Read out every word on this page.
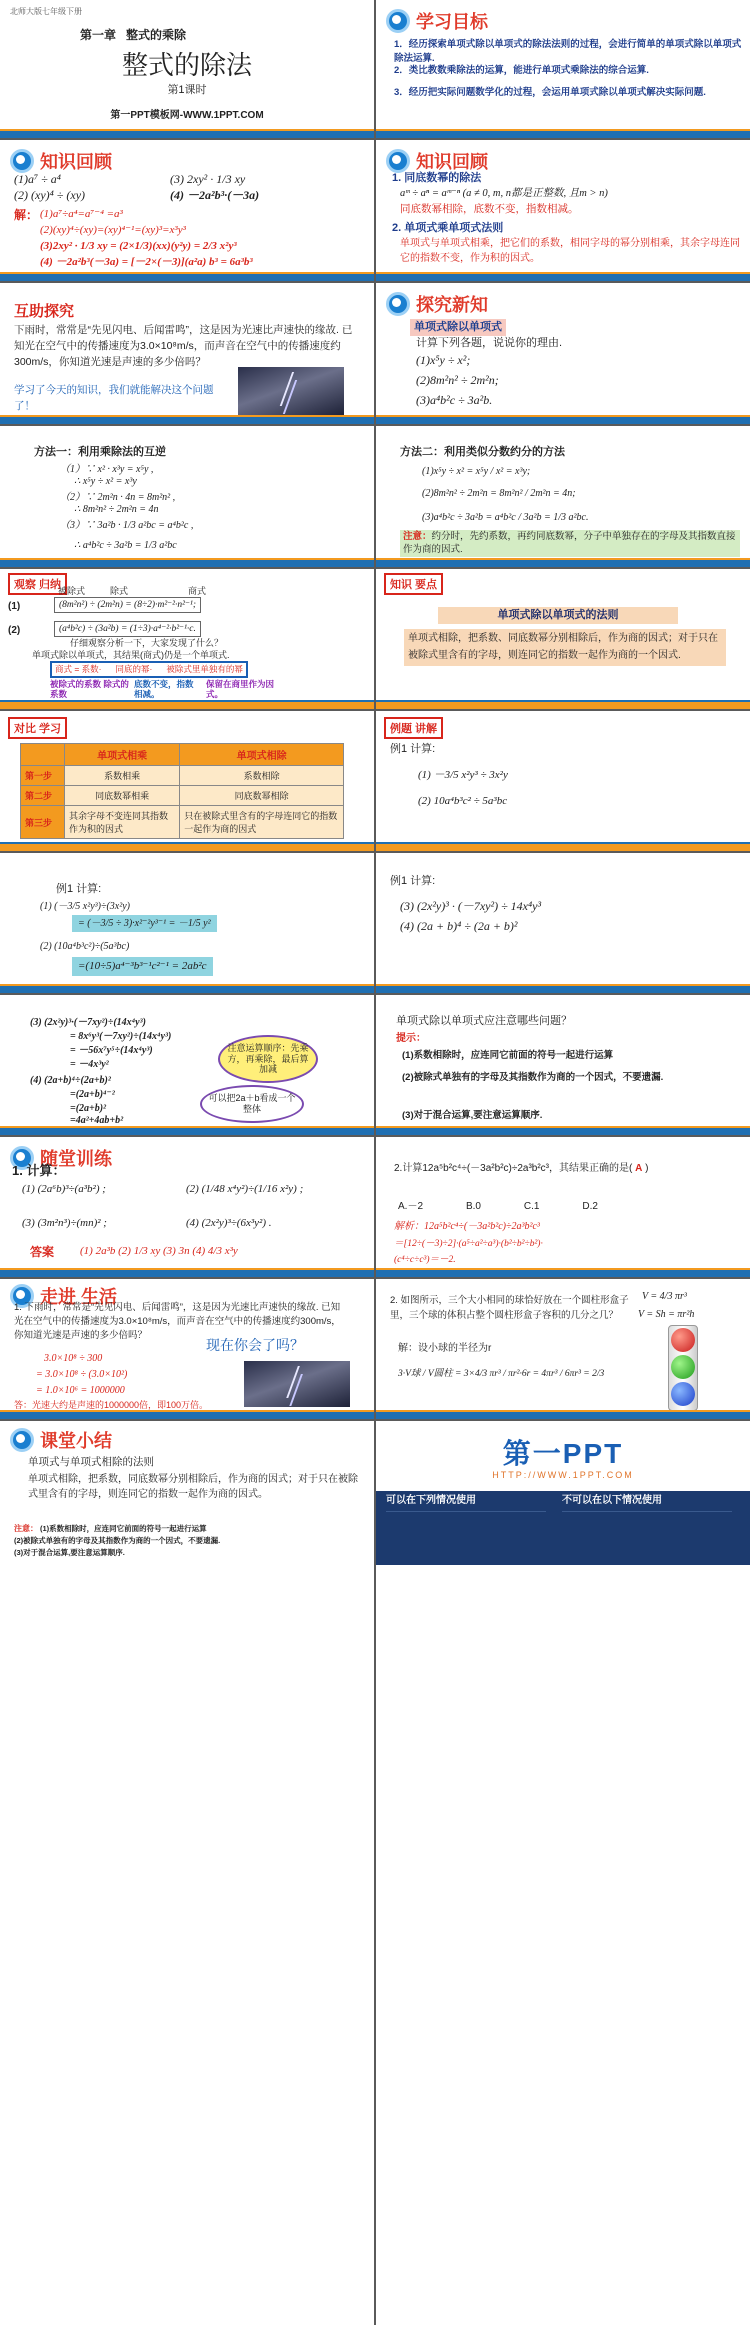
北师大版七年级下册
第一章 整式的乘除
整式的除法
第1课时
第一PPT模板网-WWW.1PPT.COM
学习目标
1．经历探索单项式除以单项式的除法法则的过程，会进行简单的单项式除以单项式除法运算.
2．类比教数乘除法的运算，能进行单项式乘除法的综合运算.
3．经历把实际问题数学化的过程，会运用单项式除以单项式解决实际问题.
知识回顾
(1)a⁷ ÷ a⁴	(3) 2xy² · 1/3 xy
(2) (xy)⁴ ÷ (xy)	(4) －2a²b³·(－3a)
解： (1)a⁷÷a⁴=a⁷⁻⁴ =a³
(2)(xy)⁴÷(xy)=(xy)⁴⁻¹=(xy)³=x³y³
(3)2xy² · 1/3 xy = (2×1/3)(xx)(y²y) = 2/3 x²y³
(4) －2a²b³(－3a) = [－2×(－3)](a²a) b³ = 6a³b³
知识回顾
1. 同底数幂的除法
aᵐ ÷ aⁿ = aᵐ⁻ⁿ (a ≠ 0, m, n都是正整数, 且m > n)
同底数幂相除，底数不变，指数相减。
2. 单项式乘单项式法则
单项式与单项式相乘，把它们的系数，相同字母的幂分别相乘，其余字母连同它的指数不变，作为积的因式。
互助探究
下雨时，常常是“先见闪电、后闻雷鸣”，这是因为光速比声速快的缘故. 已知光在空气中的传播速度为3.0×10⁸m/s，而声音在空气中的传播速度约300m/s，你知道光速是声速的多少倍吗？
学习了今天的知识，我们就能解决这个问题了！
探究新知
单项式除以单项式
计算下列各题，说说你的理由.
(1)x⁵y ÷ x²;
(2)8m²n² ÷ 2m²n;
(3)a⁴b²c ÷ 3a²b.
方法一：利用乘除法的互逆
（1）∵ x² · x³y = x⁵y ,
∴ x⁵y ÷ x² = x³y
（2）∵ 2m²n · 4n = 8m²n² ,
∴ 8m²n² ÷ 2m²n = 4n
（3）∵ 3a²b · 1/3 a²bc = a⁴b²c ,
∴ a⁴b²c ÷ 3a²b = 1/3 a²bc
方法二：利用类似分数约分的方法
(1)x⁵y ÷ x² = x⁵y / x² = x³y;
(2)8m²n² ÷ 2m²n = 8m²n² / 2m²n = 4n;
(3)a⁴b²c ÷ 3a²b = a⁴b²c / 3a²b = 1/3 a²bc.
注意：约分时，先约系数，再约同底数幂，分子中单独存在的字母及其指数直接作为商的因式.
观察 归纳
被除式	除式	商式
(1)	(8m²n²) ÷ (2m²n) = (8÷2)·m²⁻²·n²⁻¹;
(2)	(a⁴b²c) ÷ (3a²b) = (1÷3)·a⁴⁻²·b²⁻¹·c.
仔细观察分析一下，大家发现了什么？
单项式除以单项式，其结果(商式)仍是一个单项式.
商式 = 系数· 同底的幂· 被除式里单独有的幂
被除式的系数 除式的系数
底数不变，指数相减。
保留在商里作为因式。
知识 要点
单项式除以单项式的法则
单项式相除，把系数、同底数幂分别相除后，作为商的因式；对于只在被除式里含有的字母，则连同它的指数一起作为商的一个因式.
对比 学习
	单项式相乘	单项式相除
第一步	系数相乘	系数相除
第二步	同底数幂相乘	同底数幂相除
第三步	其余字母不变连同其指数作为积的因式	只在被除式里含有的字母连同它的指数一起作为商的因式
例题 讲解
例1 计算:
(1) －3/5 x²y³ ÷ 3x²y
(2) 10a⁴b³c² ÷ 5a³bc
例1 计算:
(1) (－3/5 x²y³)÷(3x²y)
= (－3/5 ÷ 3)·x²⁻²y³⁻¹ = －1/5 y²
(2) (10a⁴b³c²)÷(5a³bc)
=(10÷5)a⁴⁻³b³⁻¹c²⁻¹ = 2ab²c
例1 计算:
(3) (2x²y)³ · (－7xy²) ÷ 14x⁴y³
(4) (2a + b)⁴ ÷ (2a + b)²
(3) (2x²y)³·(－7xy²)÷(14x⁴y³)
= 8x⁶y³(－7xy²)÷(14x⁴y³)
= －56x⁷y⁵÷(14x⁴y³)
= －4x³y²
(4) (2a+b)⁴÷(2a+b)²
=(2a+b)⁴⁻²
=(2a+b)²
=4a²+4ab+b²
注意运算顺序：先乘方，再乘除，最后算加减
可以把2a＋b看成一个整体
单项式除以单项式应注意哪些问题？
提示：
(1)系数相除时，应连同它前面的符号一起进行运算
(2)被除式单独有的字母及其指数作为商的一个因式，不要遗漏.
(3)对于混合运算,要注意运算顺序.
随堂训练
1. 计算：
(1) (2a⁶b)³÷(a³b²) ;	(2) (1/48 x⁴y²)÷(1/16 x²y) ;
(3) (3m²n³)÷(mn)² ;	(4) (2x²y)³÷(6x³y²) .
答案 (1) 2a³b (2) 1/3 xy (3) 3n (4) 4/3 x³y
2.计算12a⁵b²c⁴÷(－3a²b²c)÷2a³b²c³，其结果正确的是( A )
A.－2	B.0	C.1	D.2
解析：12a⁵b²c⁴÷(－3a²b²c)÷2a³b²c³
＝[12÷(－3)÷2]·(a⁵÷a²÷a³)·(b²÷b²÷b²)·
(c⁴÷c÷c³)＝－2.
走进 生活
1. 下雨时，常常是“先见闪电、后闻雷鸣”，这是因为光速比声速快的缘故. 已知光在空气中的传播速度为3.0×10⁸m/s，而声音在空气中的传播速度约300m/s，你知道光速是声速的多少倍吗？
现在你会了吗？
3.0×10⁸ ÷ 300
= 3.0×10⁸ ÷ (3.0×10²)
= 1.0×10⁶ = 1000000
答：光速大约是声速的1000000倍，即100万倍。
2. 如图所示，三个大小相同的球恰好放在一个圆柱形盒子里，三个球的体积占整个圆柱形盒子容积的几分之几？
V = 4/3 πr³
V = Sh = πr²h
解：设小球的半径为r
3·V球 / V圆柱 = 3×4/3 πr³ / πr²·6r = 4πr³ / 6πr³ = 2/3
课堂小结
单项式与单项式相除的法则
单项式相除，把系数，同底数幂分别相除后，作为商的因式；对于只在被除式里含有的字母，则连同它的指数一起作为商的因式。
注意： (1)系数相除时，应连同它前面的符号一起进行运算
(2)被除式单独有的字母及其指数作为商的一个因式，不要遗漏.
(3)对于混合运算,要注意运算顺序.
第一PPT
HTTP://WWW.1PPT.COM
可以在下列情况使用	不可以在以下情况使用
